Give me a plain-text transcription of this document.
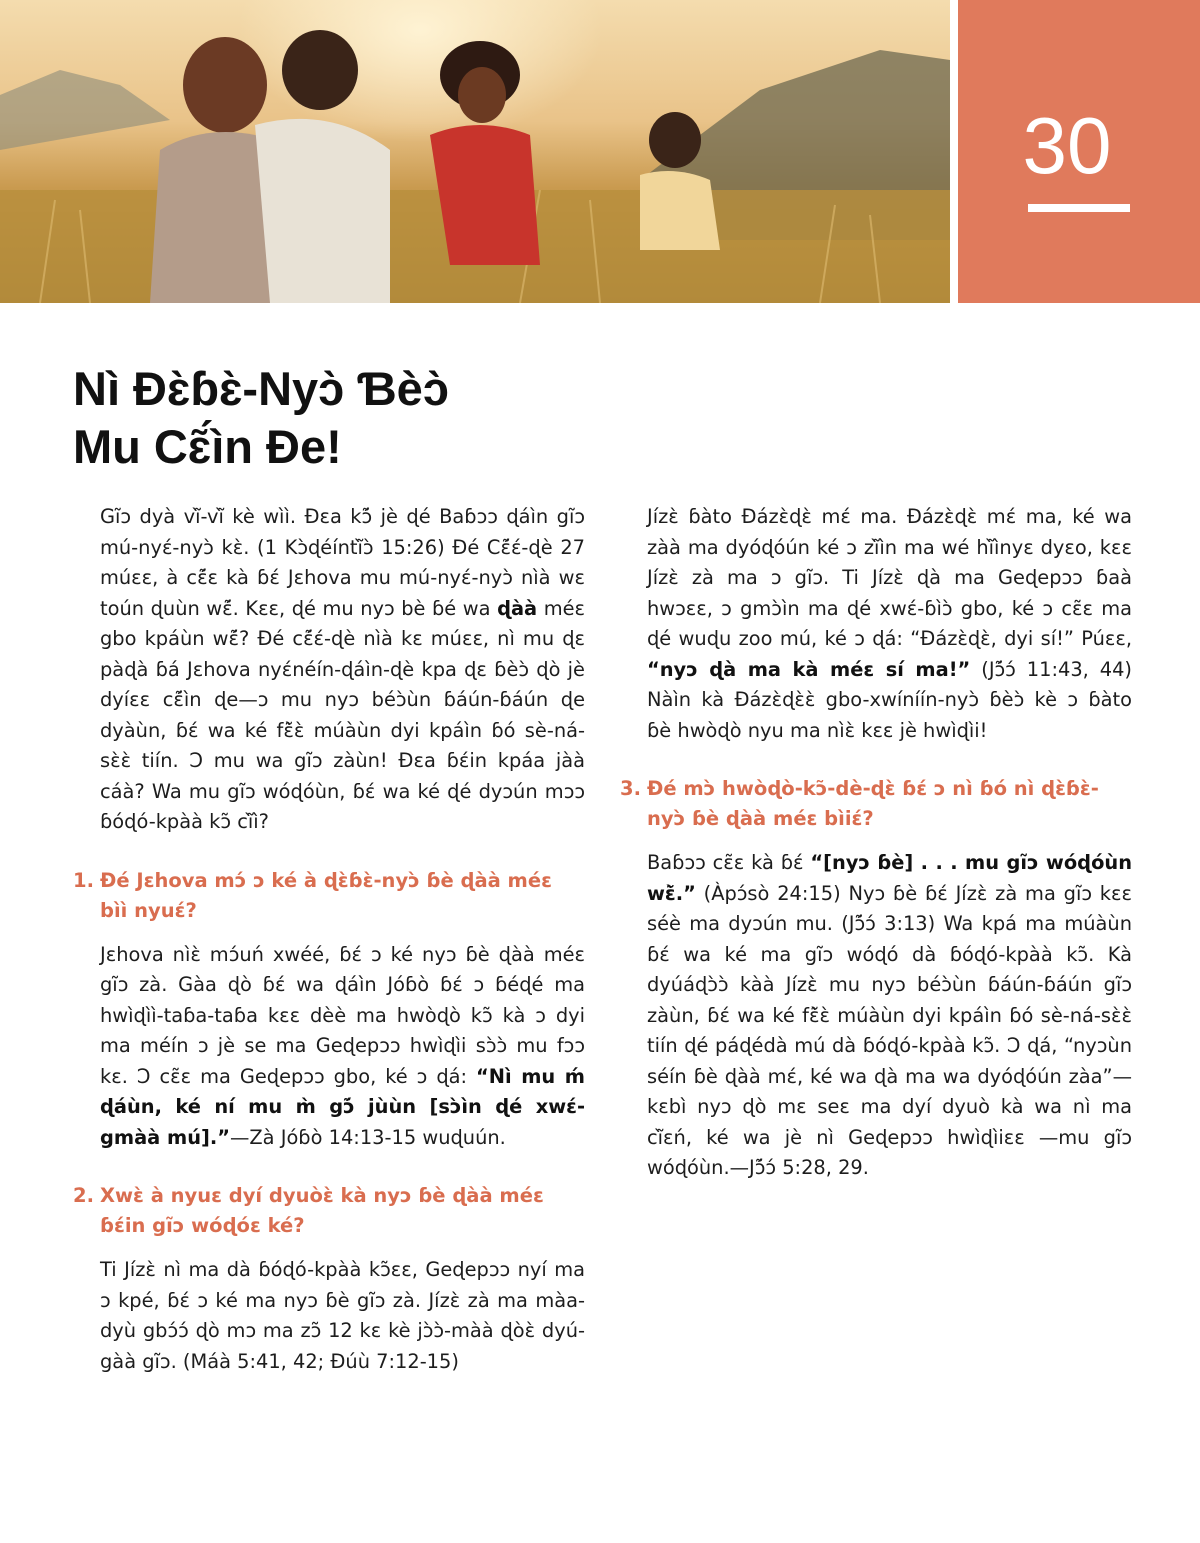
30
Nì Ɖɛ̀ɓɛ̀-Nyɔ̀ Ɓèɔ̀
Mu Cɛ̃́ìn Ɖe!

Gĩɔ dyà vĩ̀-vĩ̀ kè wìì. Ɖɛa kɔ̃́ jè ɖé Baɓɔɔ ɖáìn gĩɔ mú-nyɛ́-nyɔ̀ kɛ̀. (1 Kɔ̀ɖéíntĩ̀ɔ̀ 15:26) Ɖé Cɛ̃́ɛ́-ɖè 27 múɛɛ, à cɛ̃́ɛ kà ɓɛ́ Jɛhova mu mú-nyɛ́-nyɔ̀ nìà wɛ toún ɖuùn wɛ̃́. Kɛɛ, ɖé mu nyɔ bè ɓé wa ɖàà méɛ gbo kpáùn wɛ̃́? Ɖé cɛ̃́ɛ́-ɖè nìà kɛ múɛɛ, nì mu ɖɛ pàɖà ɓá Jɛhova nyɛ́néín-ɖáìn-ɖè kpa ɖɛ ɓèɔ̀ ɖò jè dyíɛɛ cɛ̃́ìn ɖe—ɔ mu nyɔ béɔ̀ùn ɓáún-ɓáún ɖe dyàùn, ɓɛ́ wa ké fɛ̃̀ɛ̀ múàùn dyi kpáìn ɓó sè-ná-sɛ̀ɛ̀ tiín. Ɔ mu wa gĩɔ zàùn! Ɖɛa ɓɛ́in kpáa jàà cáà? Wa mu gĩɔ wóɖóùn, ɓɛ́ wa ké ɖé dyɔún mɔɔ ɓóɖó-kpàà kɔ̃ cĩ̀ì?

1. Ɖé Jɛhova mɔ́ ɔ ké à ɖɛ̀ɓɛ̀-nyɔ̀ ɓè ɖàà méɛ bìì nyuɛ́?

Jɛhova nìɛ̀ mɔ́uń xwéé, ɓɛ́ ɔ ké nyɔ ɓè ɖàà méɛ gĩɔ zà. Gàa ɖò ɓɛ́ wa ɖáìn Jóɓò ɓɛ́ ɔ ɓéɖé ma hwìɖìì-taɓa-taɓa kɛɛ dèè ma hwòɖò kɔ̃ kà ɔ dyi ma méín ɔ jè se ma Geɖepɔɔ hwìɖìi sɔ̀ɔ̀ mu fɔɔ kɛ. Ɔ cɛ̃ɛ ma Geɖepɔɔ gbo, ké ɔ ɖá: “Nì mu ḿ ɖáùn, ké ní mu m̀ gɔ̃́ jùùn [sɔ̀ìn ɖé xwɛ́-gmàà mú].”—Zà Jóɓò 14:13-15 wuɖuún.

2. Xwɛ̀ à nyuɛ dyí dyuòɛ̀ kà nyɔ ɓè ɖàà méɛ ɓɛ́in gĩɔ wóɖóɛ ké?

Ti Jízɛ̀ nì ma dà ɓóɖó-kpàà kɔ̃ɛɛ, Geɖepɔɔ nyí ma ɔ kpé, ɓɛ́ ɔ ké ma nyɔ ɓè gĩɔ zà. Jízɛ̀ zà ma màa-dyù gbɔ́ɔ́ ɖò mɔ ma zɔ̃ 12 kɛ kè jɔ̀ɔ̀-màà ɖòɛ̀ dyú-gàà gĩɔ. (Máà 5:41, 42; Ɖúù 7:12-15)

Jízɛ̀ ɓàto Ɖázɛ̀ɖɛ̀ mɛ́ ma. Ɖázɛ̀ɖɛ̀ mɛ́ ma, ké wa zàà ma dyóɖóún ké ɔ zĩ̀ìn ma wé hĩ̀ìnyɛ dyɛo, kɛɛ Jízɛ̀ zà ma ɔ gĩɔ. Ti Jízɛ̀ ɖà ma Geɖepɔɔ ɓaà hwɔɛɛ, ɔ gmɔ̀ìn ma ɖé xwɛ́-ɓìɔ̀ gbo, ké ɔ cɛ̃ɛ ma ɖé wuɖu zoo mú, ké ɔ ɖá: “Ɖázɛ̀ɖɛ̀, dyi sí!” Púɛɛ, “nyɔ ɖà ma kà méɛ sí ma!” (Jɔ̃́ɔ́ 11:43, 44) Nàìn kà Ɖázɛ̀ɖɛ̀ɛ̀ gbo-xwíníín-nyɔ̀ ɓèɔ̀ kè ɔ ɓàto ɓè hwòɖò nyu ma nìɛ̀ kɛɛ jè hwìɖìi!

3. Ɖé mɔ̀ hwòɖò-kɔ̃-dè-ɖɛ̀ ɓɛ́ ɔ nì ɓó nì ɖɛ̀ɓɛ̀-nyɔ̀ ɓè ɖàà méɛ bìiɛ́?

Baɓɔɔ cɛ̃ɛ kà ɓɛ́ “[nyɔ ɓè] . . . mu gĩɔ wóɖóùn wɛ̃̀.” (Àpɔ́sò 24:15) Nyɔ ɓè ɓɛ́ Jízɛ̀ zà ma gĩɔ kɛɛ séè ma dyɔún mu. (Jɔ̃́ɔ́ 3:13) Wa kpá ma múàùn ɓɛ́ wa ké ma gĩɔ wóɖó dà ɓóɖó-kpàà kɔ̃. Kà dyúáɖɔ̀ɔ̀ kàà Jízɛ̀ mu nyɔ béɔ̀ùn ɓáún-ɓáún gĩɔ zàùn, ɓɛ́ wa ké fɛ̃̀ɛ̀ múàùn dyi kpáìn ɓó sè-ná-sɛ̀ɛ̀ tiín ɖé páɖédà mú dà ɓóɖó-kpàà kɔ̃. Ɔ ɖá, “nyɔùn séín ɓè ɖàà mɛ́, ké wa ɖà ma wa dyóɖóún zàa”—kɛbì nyɔ ɖò mɛ seɛ ma dyí dyuò kà wa nì ma cĩ̀ɛń, ké wa jè nì Geɖepɔɔ hwìɖìiɛɛ —mu gĩɔ wóɖóùn.—Jɔ̃́ɔ́ 5:28, 29.
